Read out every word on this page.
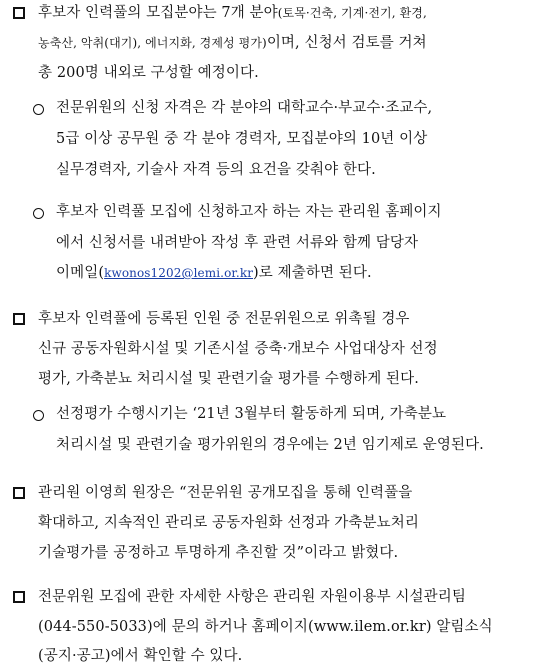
후보자 인력풀의 모집분야는 7개 분야(토목·건축, 기계·전기, 환경,
농축산, 악취(대기), 에너지화, 경제성 평가)이며, 신청서 검토를 거쳐
총 200명 내외로 구성할 예정이다.
전문위원의 신청 자격은 각 분야의 대학교수·부교수·조교수,
5급 이상 공무원 중 각 분야 경력자, 모집분야의 10년 이상
실무경력자, 기술사 자격 등의 요건을 갖춰야 한다.
후보자 인력풀 모집에 신청하고자 하는 자는 관리원 홈페이지
에서 신청서를 내려받아 작성 후 관련 서류와 함께 담당자
이메일(kwonos1202@lemi.or.kr)로 제출하면 된다.
후보자 인력풀에 등록된 인원 중 전문위원으로 위촉될 경우
신규 공동자원화시설 및 기존시설 증축·개보수 사업대상자 선정
평가, 가축분뇨 처리시설 및 관련기술 평가를 수행하게 된다.
선정평가 수행시기는 ‘21년 3월부터 활동하게 되며, 가축분뇨
처리시설 및 관련기술 평가위원의 경우에는 2년 임기제로 운영된다.
관리원 이영희 원장은 “전문위원 공개모집을 통해 인력풀을
확대하고, 지속적인 관리로 공동자원화 선정과 가축분뇨처리
기술평가를 공정하고 투명하게 추진할 것”이라고 밝혔다.
전문위원 모집에 관한 자세한 사항은 관리원 자원이용부 시설관리팀
(044-550-5033)에 문의 하거나 홈페이지(www.ilem.or.kr) 알림소식
(공지·공고)에서 확인할 수 있다.
